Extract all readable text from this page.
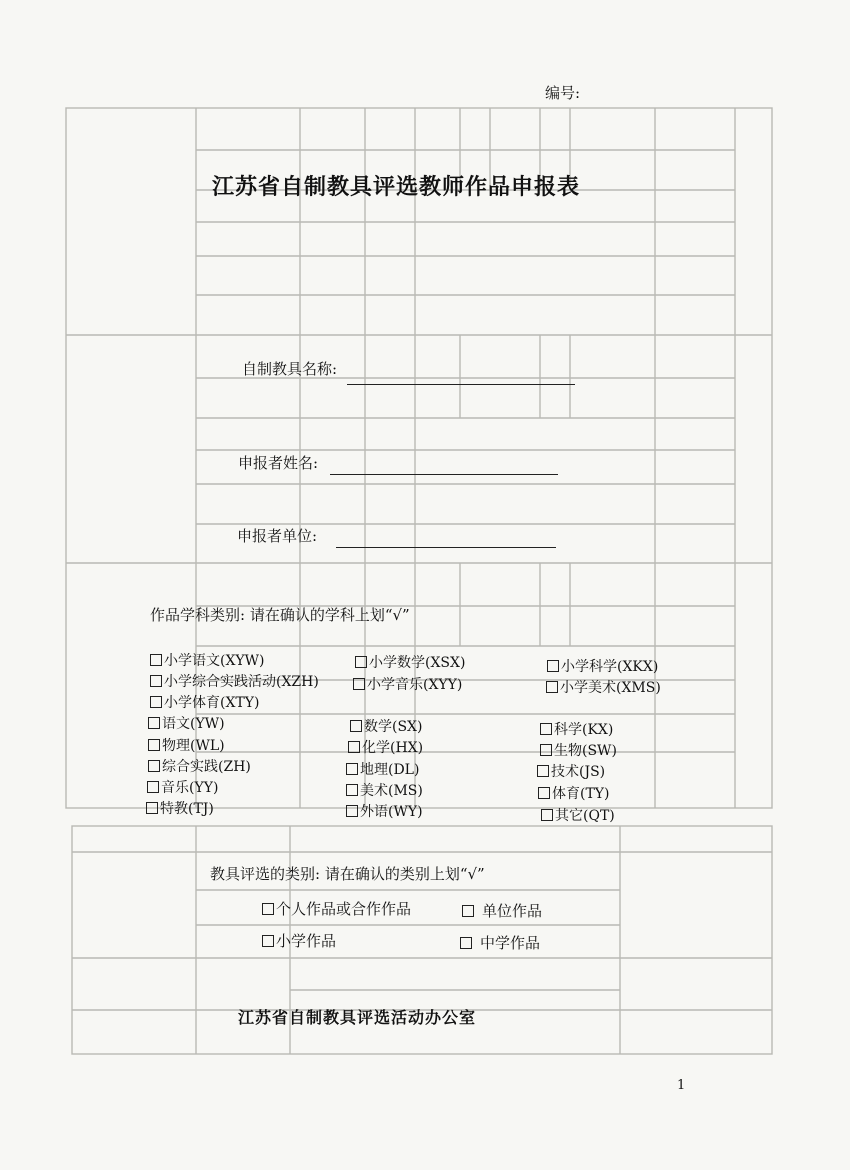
编号:
江苏省自制教具评选教师作品申报表
自制教具名称:
申报者姓名:
申报者单位:
作品学科类别: 请在确认的学科上划“√”
小学语文(XYW)	小学数学(XSX)	小学科学(XKX)
小学综合实践活动(XZH)	小学音乐(XYY)	小学美术(XMS)
小学体育(XTY)
语文(YW)	数学(SX)	科学(KX)
物理(WL)	化学(HX)	生物(SW)
综合实践(ZH)	地理(DL)	技术(JS)
音乐(YY)	美术(MS)	体育(TY)
特教(TJ)	外语(WY)	其它(QT)
教具评选的类别: 请在确认的类别上划“√”
个人作品或合作作品	单位作品
小学作品	中学作品
江苏省自制教具评选活动办公室
1
